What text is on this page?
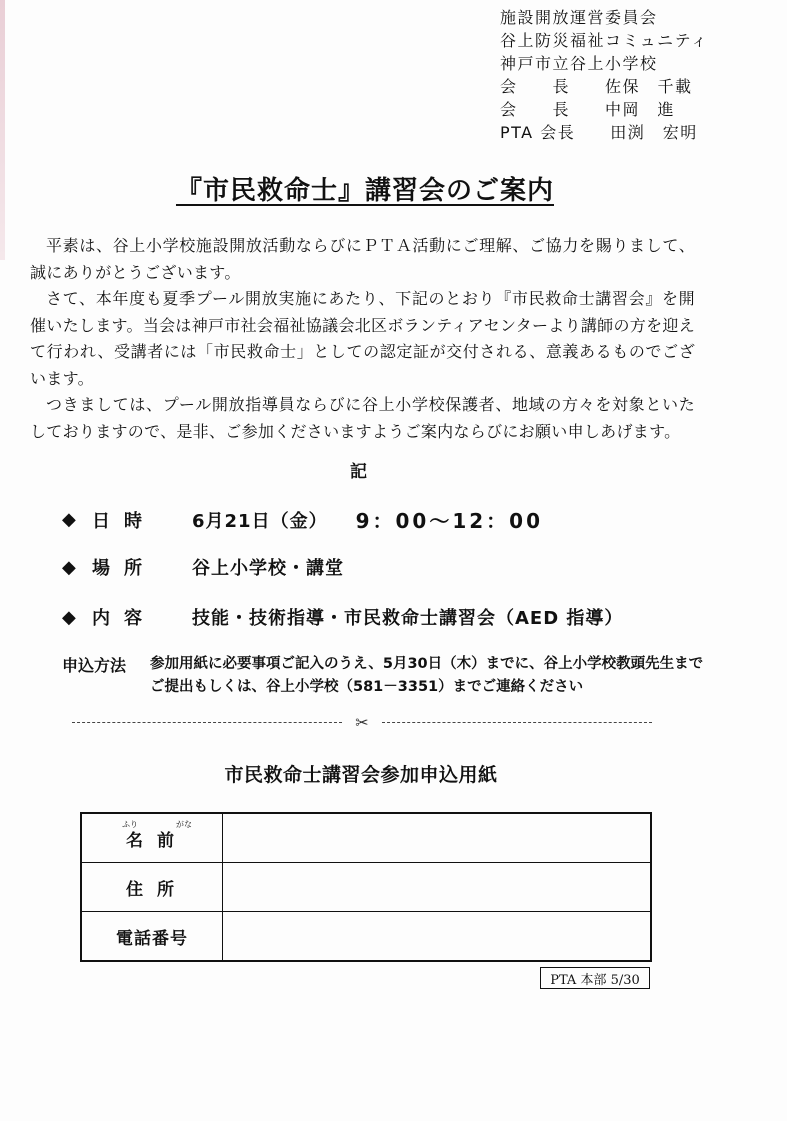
施設開放運営委員会
谷上防災福祉コミュニティ
神戸市立谷上小学校
会　　長　　佐保　千載
会　　長　　中岡　進
PTA 会長　　田渕　宏明
『市民救命士』講習会のご案内

平素は、谷上小学校施設開放活動ならびにＰＴＡ活動にご理解、ご協力を賜りまして、誠にありがとうございます。

さて、本年度も夏季プール開放実施にあたり、下記のとおり『市民救命士講習会』を開催いたします。当会は神戸市社会福祉協議会北区ボランティアセンターより講師の方を迎えて行われ、受講者には「市民救命士」としての認定証が交付される、意義あるものでございます。

つきましては、プール開放指導員ならびに谷上小学校保護者、地域の方々を対象といたしておりますので、是非、ご参加くださいますようご案内ならびにお願い申しあげます。

記
◆ 日時	6月21日（金） 9：00～12：00
◆ 場所	谷上小学校・講堂
◆ 内容	技能・技術指導・市民救命士講習会（AED 指導）
申込方法	参加用紙に必要事項ご記入のうえ、5月30日（木）までに、谷上小学校教頭先生までご提出もしくは、谷上小学校（581－3351）までご連絡ください
✂
市民救命士講習会参加申込用紙
ふり	がな
名前
住所
電話番号
PTA 本部 5/30
